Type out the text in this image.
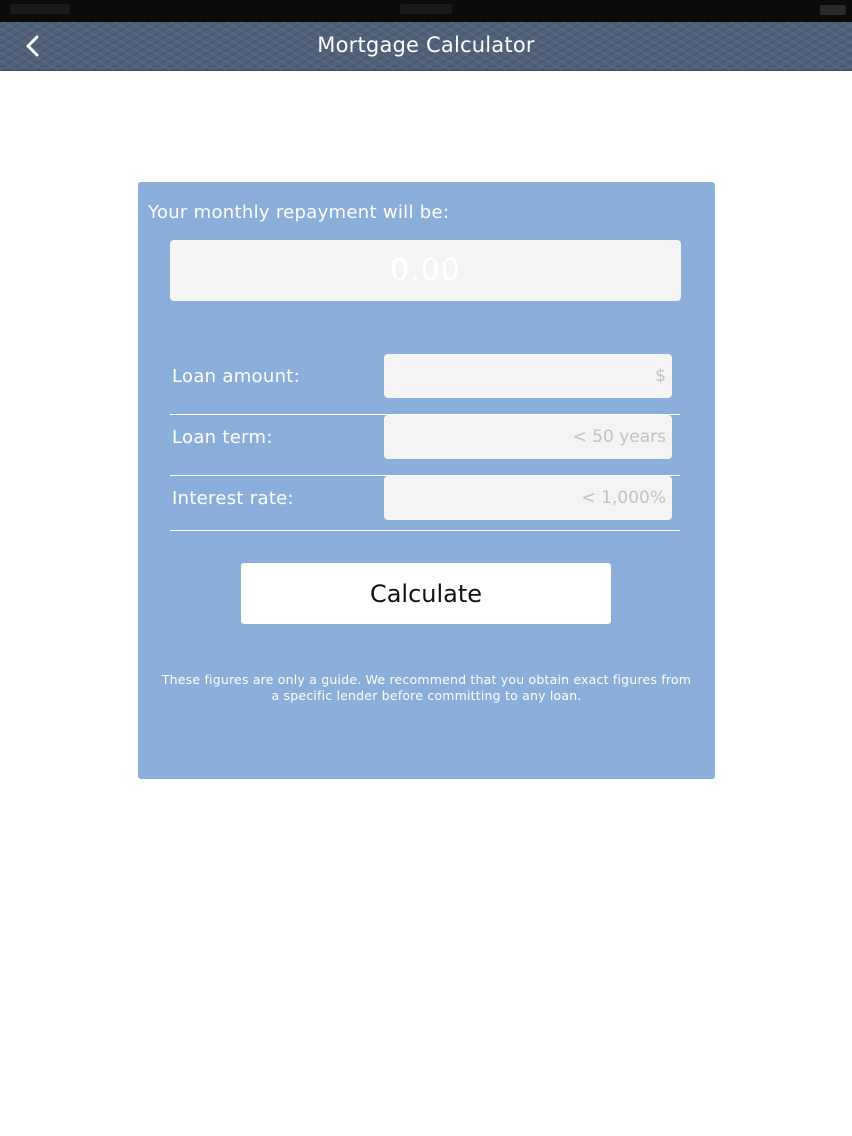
Mortgage Calculator
Your monthly repayment will be:
0.00
Loan amount:
$
Loan term:
< 50 years
Interest rate:
< 1,000%
Calculate
These figures are only a guide. We recommend that you obtain exact figures from
a specific lender before committing to any loan.
